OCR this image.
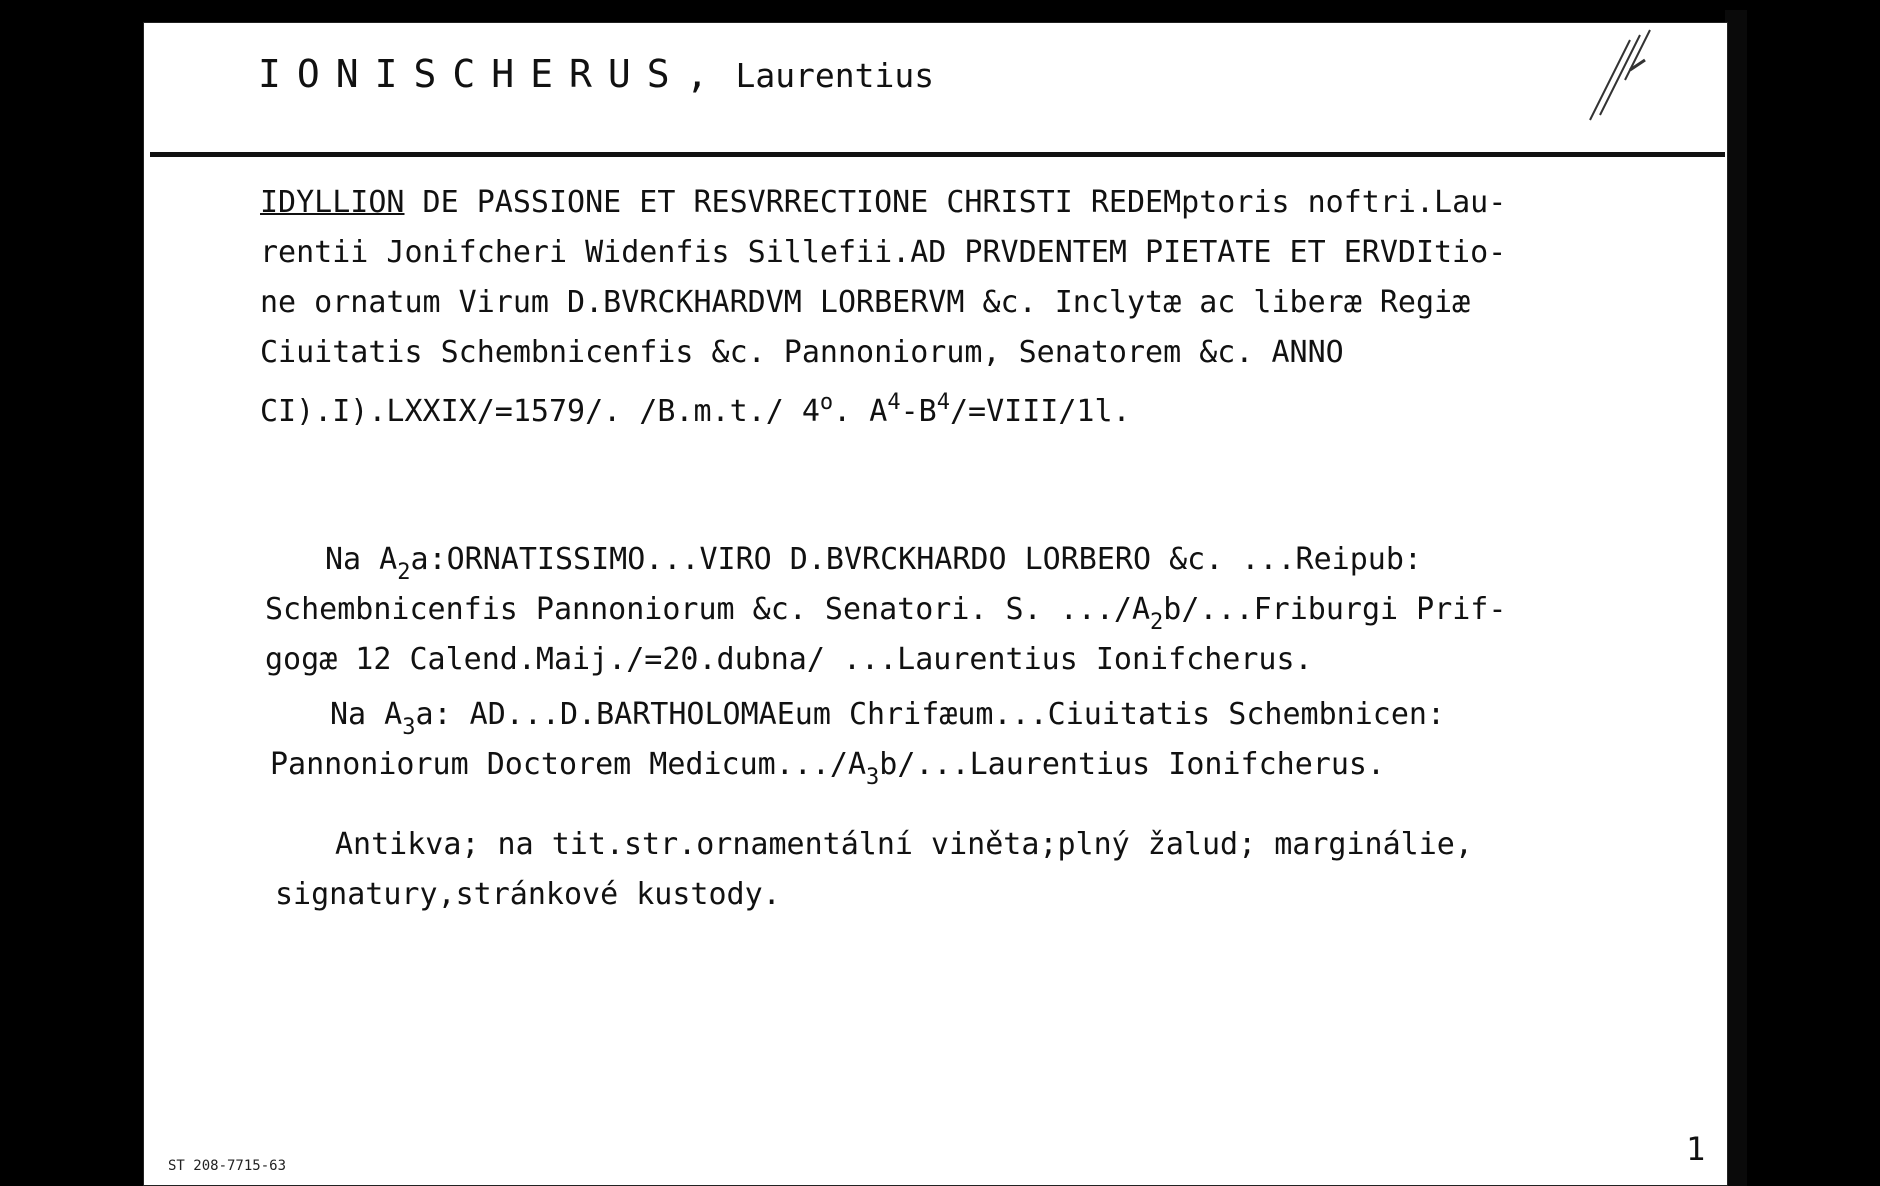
IONISCHERUS, Laurentius
IDYLLION DE PASSIONE ET RESVRRECTIONE CHRISTI REDEMptoris noftri.Lau-
rentii Jonifcheri Widenfis Sillefii.AD PRVDENTEM PIETATE ET ERVDItio-
ne ornatum Virum D.BVRCKHARDVM LORBERVM &c. Inclytæ ac liberæ Regiæ
Ciuitatis Schembnicenfis &c. Pannoniorum, Senatorem &c. ANNO
CI).I).LXXIX/=1579/. /B.m.t./ 4$^o$. $A^4-B^4/=VIII/1l$.
Na $A_2a:ORNATISSIMO...VIRO$ D.BVRCKHARDO LORBERO &c. ...Reipub:
Schembnicenfis Pannoniorum &c. Senatori. S. $.../A_2b/...Friburgi$ Prif-
gogæ 12 Calend.Maij./=20.dubna/ ...Laurentius Ionifcherus.
Na $A_3a$: AD...D.BARTHOLOMAEum Chrifæum...Ciuitatis Schembnicen:
Pannoniorum Doctorem $Medicum.../A_3b/...Laurentius$ Ionifcherus.
Antikva; na tit.str.ornamentální viněta;plný žalud; marginálie,
signatury,stránkové kustody.
ST 208-7715-63	1
